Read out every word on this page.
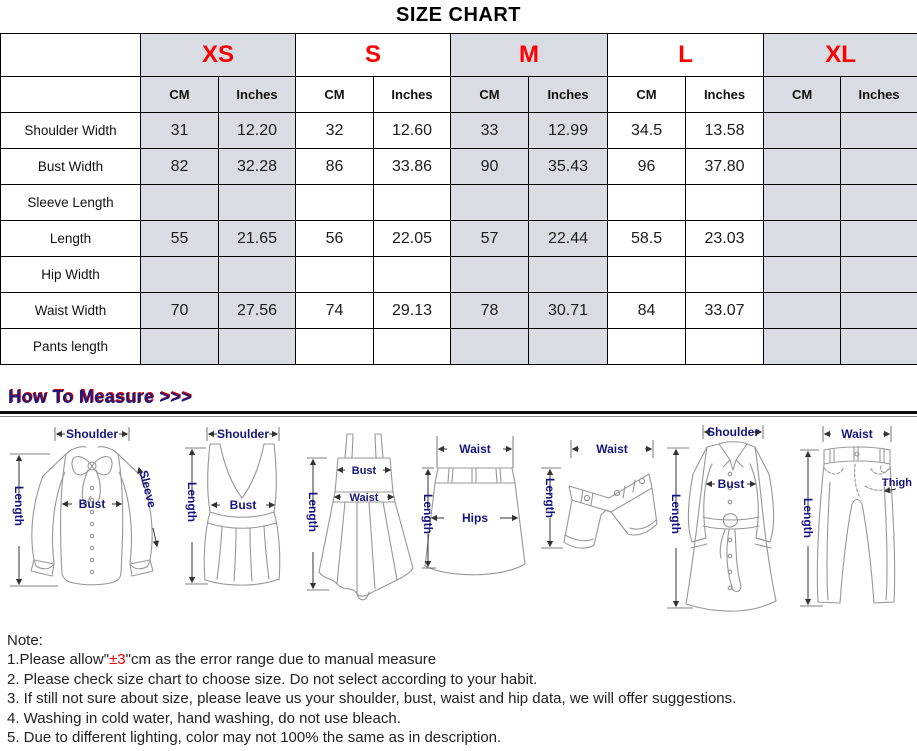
SIZE CHART
	XS		S		M		L		XL	
	CM	Inches	CM	Inches	CM	Inches	CM	Inches	CM	Inches
Shoulder Width	31	12.20	32	12.60	33	12.99	34.5	13.58		
Bust Width	82	32.28	86	33.86	90	35.43	96	37.80		
Sleeve Length										
Length	55	21.65	56	22.05	57	22.44	58.5	23.03		
Hip Width										
Waist Width	70	27.56	74	29.13	78	30.71	84	33.07		
Pants length										
How To Measure >>>
Shoulder
Bust
Length	Sleeve
Shoulder
Bust
Length
Bust
Waist
Length
Waist
Hips
Length
Waist
Length
Shoulder
Bust
Length
Waist
Thigh
Length
Note:
1.Please allow"±3"cm as the error range due to manual measure
2. Please check size chart to choose size. Do not select according to your habit.
3. If still not sure about size, please leave us your shoulder, bust, waist and hip data, we will offer suggestions.
4. Washing in cold water, hand washing, do not use bleach.
5. Due to different lighting, color may not 100% the same as in description.
